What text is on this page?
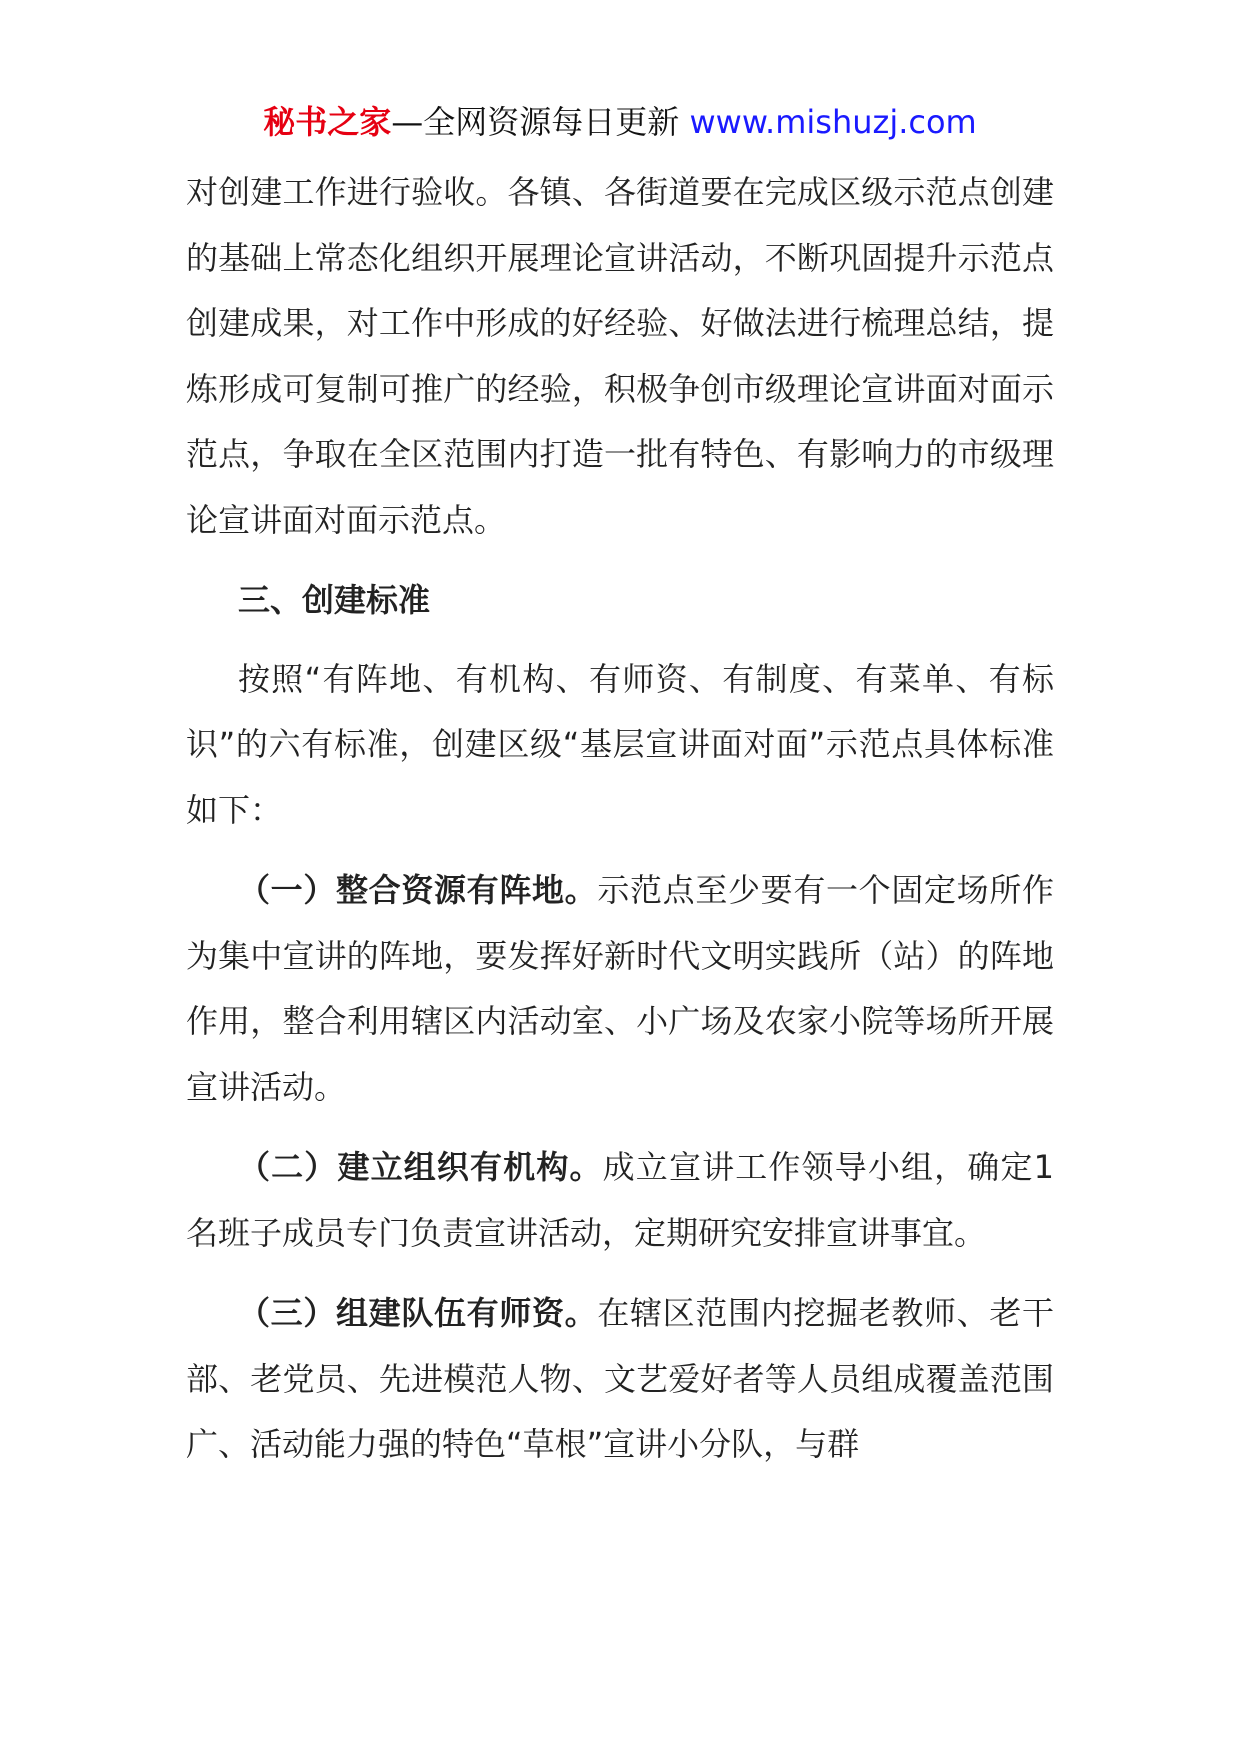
秘书之家—全网资源每日更新 www.mishuzj.com

对创建工作进行验收。各镇、各街道要在完成区级示范点创建的基础上常态化组织开展理论宣讲活动，不断巩固提升示范点创建成果，对工作中形成的好经验、好做法进行梳理总结，提炼形成可复制可推广的经验，积极争创市级理论宣讲面对面示范点，争取在全区范围内打造一批有特色、有影响力的市级理论宣讲面对面示范点。

三、创建标准

按照“有阵地、有机构、有师资、有制度、有菜单、有标识”的六有标准，创建区级“基层宣讲面对面”示范点具体标准如下：

（一）整合资源有阵地。示范点至少要有一个固定场所作为集中宣讲的阵地，要发挥好新时代文明实践所（站）的阵地作用，整合利用辖区内活动室、小广场及农家小院等场所开展宣讲活动。

（二）建立组织有机构。成立宣讲工作领导小组，确定1名班子成员专门负责宣讲活动，定期研究安排宣讲事宜。

（三）组建队伍有师资。在辖区范围内挖掘老教师、老干部、老党员、先进模范人物、文艺爱好者等人员组成覆盖范围广、活动能力强的特色“草根”宣讲小分队，与群
